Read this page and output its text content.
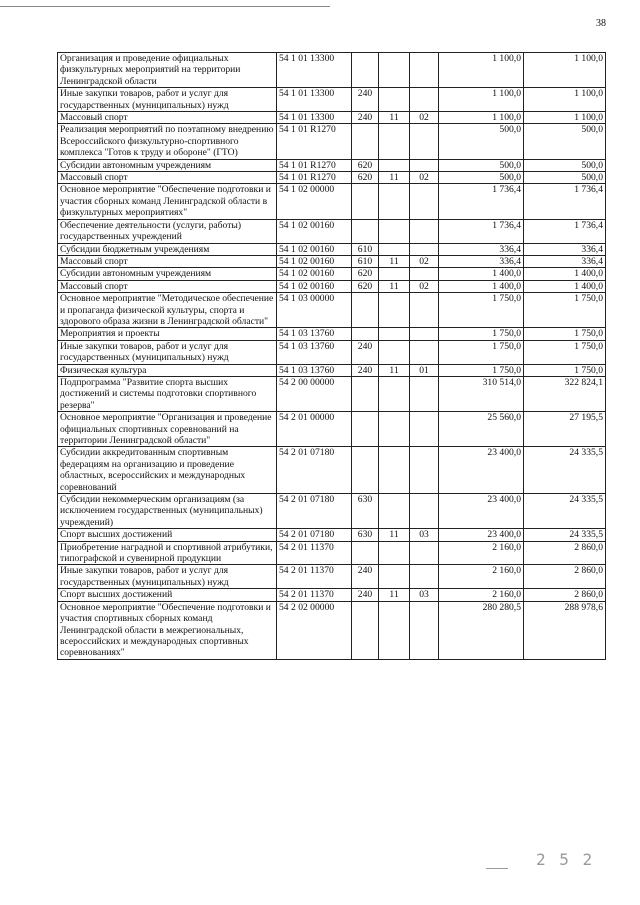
38
Организация и проведение официальных физкультурных мероприятий на территории Ленинградской области	54 1 01 13300				1 100,0	1 100,0
Иные закупки товаров, работ и услуг для государственных (муниципальных) нужд	54 1 01 13300	240			1 100,0	1 100,0
Массовый спорт	54 1 01 13300	240	11	02	1 100,0	1 100,0
Реализация мероприятий по поэтапному внедрению Всероссийского физкультурно-спортивного комплекса "Готов к труду и обороне" (ГТО)	54 1 01 R1270				500,0	500,0
Субсидии автономным учреждениям	54 1 01 R1270	620			500,0	500,0
Массовый спорт	54 1 01 R1270	620	11	02	500,0	500,0
Основное мероприятие "Обеспечение подготовки и участия сборных команд Ленинградской области в физкультурных мероприятиях"	54 1 02 00000				1 736,4	1 736,4
Обеспечение деятельности (услуги, работы) государственных учреждений	54 1 02 00160				1 736,4	1 736,4
Субсидии бюджетным учреждениям	54 1 02 00160	610			336,4	336,4
Массовый спорт	54 1 02 00160	610	11	02	336,4	336,4
Субсидии автономным учреждениям	54 1 02 00160	620			1 400,0	1 400,0
Массовый спорт	54 1 02 00160	620	11	02	1 400,0	1 400,0
Основное мероприятие "Методическое обеспечение и пропаганда физической культуры, спорта и здорового образа жизни в Ленинградской области"	54 1 03 00000				1 750,0	1 750,0
Мероприятия и проекты	54 1 03 13760				1 750,0	1 750,0
Иные закупки товаров, работ и услуг для государственных (муниципальных) нужд	54 1 03 13760	240			1 750,0	1 750,0
Физическая культура	54 1 03 13760	240	11	01	1 750,0	1 750,0
Подпрограмма "Развитие спорта высших достижений и системы подготовки спортивного резерва"	54 2 00 00000				310 514,0	322 824,1
Основное мероприятие "Организация и проведение официальных спортивных соревнований на территории Ленинградской области"	54 2 01 00000				25 560,0	27 195,5
Субсидии аккредитованным спортивным федерациям на организацию и проведение областных, всероссийских и международных соревнований	54 2 01 07180				23 400,0	24 335,5
Субсидии некоммерческим организациям (за исключением государственных (муниципальных) учреждений)	54 2 01 07180	630			23 400,0	24 335,5
Спорт высших достижений	54 2 01 07180	630	11	03	23 400,0	24 335,5
Приобретение наградной и спортивной атрибутики, типографской и сувенирной продукции	54 2 01 11370				2 160,0	2 860,0
Иные закупки товаров, работ и услуг для государственных (муниципальных) нужд	54 2 01 11370	240			2 160,0	2 860,0
Спорт высших достижений	54 2 01 11370	240	11	03	2 160,0	2 860,0
Основное мероприятие "Обеспечение подготовки и участия спортивных сборных команд Ленинградской области в межрегиональных, всероссийских и международных спортивных соревнованиях"	54 2 02 00000				280 280,5	288 978,6
2 5 2
